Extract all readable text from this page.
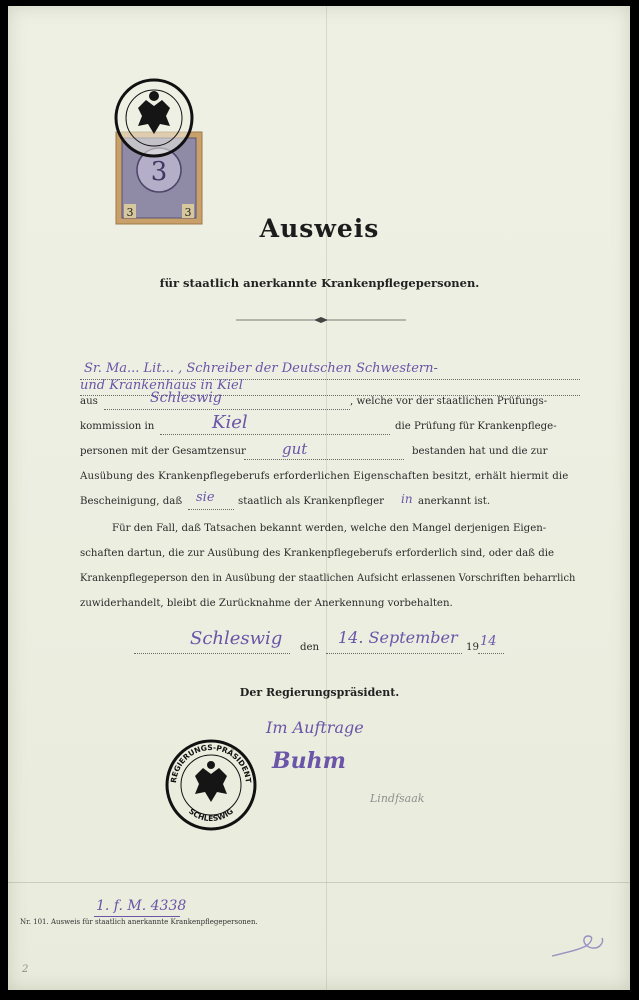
3
3	3
Ausweis
für staatlich anerkannte Krankenpflegepersonen.
Sr. Ma... Lit... , Schreiber der Deutschen Schwestern-
und Krankenhaus in Kiel
aus	Schleswig	, welche vor der staatlichen Prüfungs-
kommission in	Kiel	die Prüfung für Krankenpflege-
personen mit der Gesamtzensur gut	bestanden hat und die zur
Ausübung des Krankenpflegeberufs erforderlichen Eigenschaften besitzt, erhält hiermit die
Bescheinigung, daß sie staatlich als Krankenpfleger in anerkannt ist.
Für den Fall, daß Tatsachen bekannt werden, welche den Mangel derjenigen Eigen-
schaften dartun, die zur Ausübung des Krankenpflegeberufs erforderlich sind, oder daß die
Krankenpflegeperson den in Ausübung der staatlichen Aufsicht erlassenen Vorschriften beharrlich
zuwiderhandelt, bleibt die Zurücknahme der Anerkennung vorbehalten.
Schleswig den
14. September
19 14
Der Regierungspräsident.
Im Auftrage
Buhm
REGIERUNGS-PRÄSIDENT
SCHLESWIG
Lindfsaak
1. f. M. 4338
Nr. 101. Ausweis für staatlich anerkannte Krankenpflegepersonen.
2
